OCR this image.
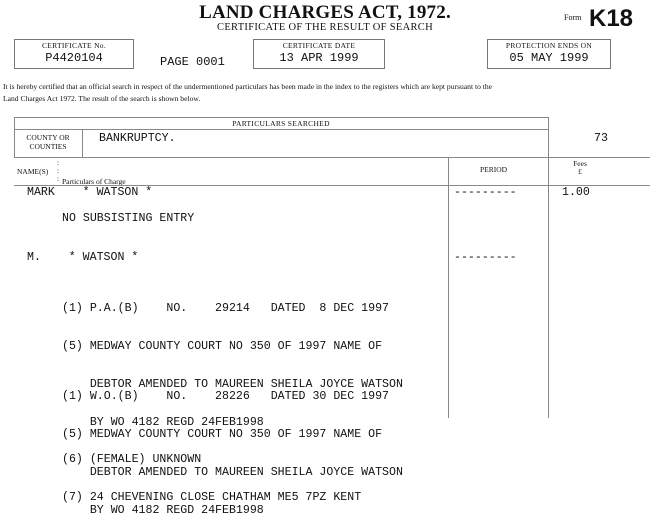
LAND CHARGES ACT, 1972.
CERTIFICATE OF THE RESULT OF SEARCH
Form K18
CERTIFICATE No.
P4420104	PAGE 0001
CERTIFICATE DATE
13 APR 1999
PROTECTION ENDS ON
05 MAY 1999
It is hereby certified that an official search in respect of the undermentioned particulars has been made in the index to the registers which are kept pursuant to the
Land Charges Act 1972. The result of the search is shown below.
PARTICULARS SEARCHED
COUNTY OR
COUNTIES
BANKRUPTCY.	73
NAME(S)
:
:
: Particulars of Charge
PERIOD
Fees
£
MARK    * WATSON *	---------	1.00
NO SUBSISTING ENTRY
M.    * WATSON *	---------

(1) P.A.(B)    NO.    29214   DATED  8 DEC 1997

(5) MEDWAY COUNTY COURT NO 350 OF 1997 NAME OF

DEBTOR AMENDED TO MAUREEN SHEILA JOYCE WATSON

BY WO 4182 REGD 24FEB1998

(6) (FEMALE) UNKNOWN

(7) 24 CHEVENING CLOSE CHATHAM ME5 7PZ KENT

(1) W.O.(B)    NO.    28226   DATED 30 DEC 1997

(5) MEDWAY COUNTY COURT NO 350 OF 1997 NAME OF

DEBTOR AMENDED TO MAUREEN SHEILA JOYCE WATSON

BY WO 4182 REGD 24FEB1998
